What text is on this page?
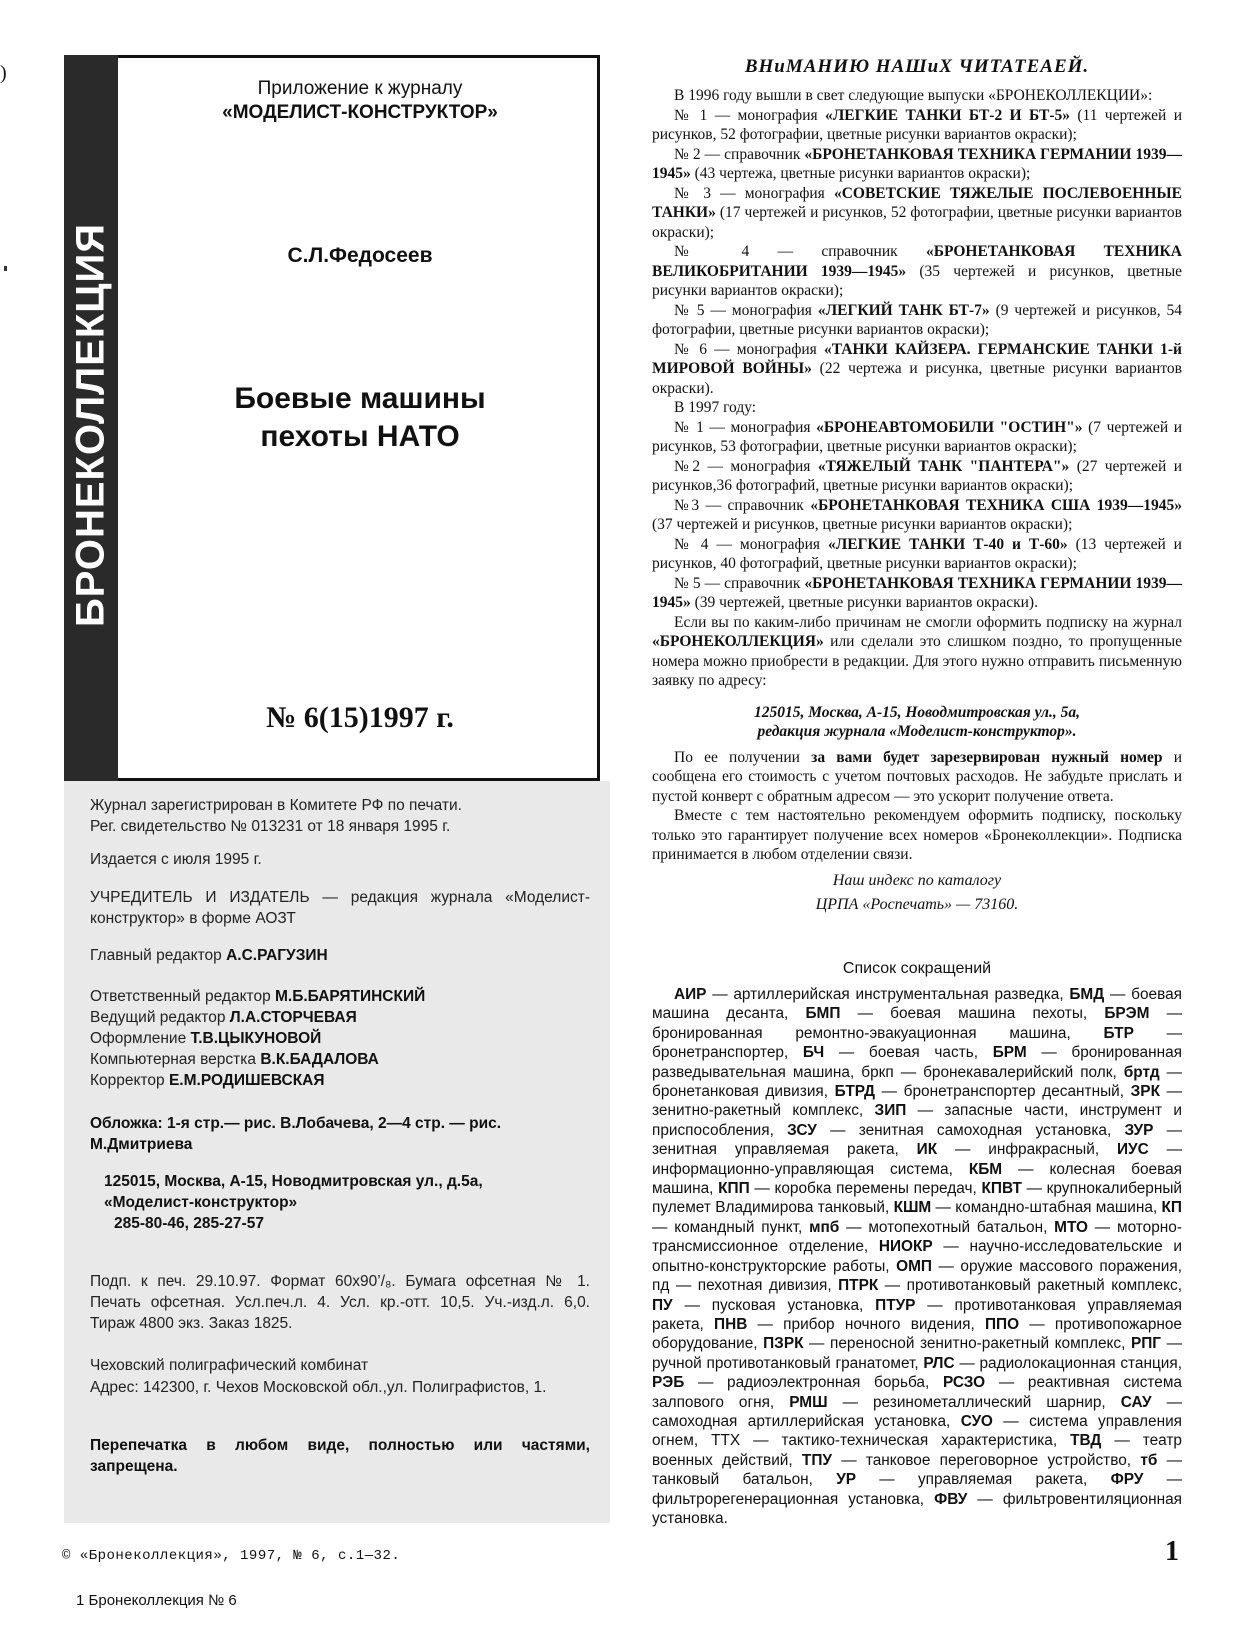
)
БРОНЕКОЛЛЕКЦИЯ
Приложение к журналу
«МОДЕЛИСТ-КОНСТРУКТОР»
С.Л.Федосеев
Боевые машины
пехоты НАТО
№ 6(15)1997 г.
Журнал зарегистрирован в Комитете РФ по печати.
Рег. свидетельство № 013231 от 18 января 1995 г.
Издается с июля 1995 г.
УЧРЕДИТЕЛЬ И ИЗДАТЕЛЬ — редакция журнала «Моделист-конструктор» в форме АОЗТ
Главный редактор А.С.РАГУЗИН
Ответственный редактор М.Б.БАРЯТИНСКИЙ
Ведущий редактор Л.А.СТОРЧЕВАЯ
Оформление Т.В.ЦЫКУНОВОЙ
Компьютерная верстка В.К.БАДАЛОВА
Корректор Е.М.РОДИШЕВСКАЯ
Обложка: 1-я стр.— рис. В.Лобачева, 2—4 стр. — рис. М.Дмитриева
125015, Москва, А-15, Новодмитровская ул., д.5а,
«Моделист-конструктор»
285-80-46, 285-27-57
Подп. к печ. 29.10.97. Формат 60x90’/₈. Бумага офсетная № 1. Печать офсетная. Усл.печ.л. 4. Усл. кр.-отт. 10,5. Уч.-изд.л. 6,0. Тираж 4800 экз. Заказ 1825.
Чеховский полиграфический комбинат
Адрес: 142300, г. Чехов Московской обл.,ул. Полиграфистов, 1.
Перепечатка в любом виде, полностью или частями, запрещена.
© «Бронеколлекция», 1997, № 6, с.1—32.
1 Бронеколлекция № 6
ВНиМАНИЮ НАШиХ ЧИТАТЕАЕЙ.

В 1996 году вышли в свет следующие выпуски «БРОНЕКОЛЛЕКЦИИ»:

№ 1 — монография «ЛЕГКИЕ ТАНКИ БТ-2 И БТ-5» (11 чертежей и рисунков, 52 фотографии, цветные рисунки вариантов окраски);

№ 2 — справочник «БРОНЕТАНКОВАЯ ТЕХНИКА ГЕРМАНИИ 1939—1945» (43 чертежа, цветные рисунки вариантов окраски);

№ 3 — монография «СОВЕТСКИЕ ТЯЖЕЛЫЕ ПОСЛЕВОЕННЫЕ ТАНКИ» (17 чертежей и рисунков, 52 фотографии, цветные рисунки вариантов окраски);

№ 4 — справочник «БРОНЕТАНКОВАЯ ТЕХНИКА ВЕЛИКОБРИТАНИИ 1939—1945» (35 чертежей и рисунков, цветные рисунки вариантов окраски);

№ 5 — монография «ЛЕГКИЙ ТАНК БТ-7» (9 чертежей и рисунков, 54 фотографии, цветные рисунки вариантов окраски);

№ 6 — монография «ТАНКИ КАЙЗЕРА. ГЕРМАНСКИЕ ТАНКИ 1-й МИРОВОЙ ВОЙНЫ» (22 чертежа и рисунка, цветные рисунки вариантов окраски).

В 1997 году:

№ 1 — монография «БРОНЕАВТОМОБИЛИ "ОСТИН"» (7 чертежей и рисунков, 53 фотографии, цветные рисунки вариантов окраски);

№2 — монография «ТЯЖЕЛЫЙ ТАНК "ПАНТЕРА"» (27 чертежей и рисунков,36 фотографий, цветные рисунки вариантов окраски);

№3 — справочник «БРОНЕТАНКОВАЯ ТЕХНИКА США 1939—1945» (37 чертежей и рисунков, цветные рисунки вариантов окраски);

№ 4 — монография «ЛЕГКИЕ ТАНКИ Т-40 и Т-60» (13 чертежей и рисунков, 40 фотографий, цветные рисунки вариантов окраски);

№ 5 — справочник «БРОНЕТАНКОВАЯ ТЕХНИКА ГЕРМАНИИ 1939—1945» (39 чертежей, цветные рисунки вариантов окраски).

Если вы по каким-либо причинам не смогли оформить подписку на журнал «БРОНЕКОЛЛЕКЦИЯ» или сделали это слишком поздно, то пропущенные номера можно приобрести в редакции. Для этого нужно отправить письменную заявку по адресу:

125015, Москва, А-15, Новодмитровская ул., 5а,

редакция журнала «Моделист-конструктор».

По ее получении за вами будет зарезервирован нужный номер и сообщена его стоимость с учетом почтовых расходов. Не забудьте прислать и пустой конверт с обратным адресом — это ускорит получение ответа.

Вместе с тем настоятельно рекомендуем оформить подписку, поскольку только это гарантирует получение всех номеров «Бронеколлекции». Подписка принимается в любом отделении связи.

Наш индекс по каталогу

ЦРПА «Роспечать» — 73160.

Список сокращений
АИР — артиллерийская инструментальная разведка, БМД — боевая машина десанта, БМП — боевая машина пехоты, БРЭМ — бронированная ремонтно-эвакуационная машина, БТР — бронетранспортер, БЧ — боевая часть, БРМ — бронированная разведывательная машина, бркп — бронекавалерийский полк, бртд — бронетанковая дивизия, БТРД — бронетранспортер десантный, ЗРК — зенитно-ракетный комплекс, ЗИП — запасные части, инструмент и приспособления, ЗСУ — зенитная самоходная установка, ЗУР — зенитная управляемая ракета, ИК — инфракрасный, ИУС — информационно-управляющая система, КБМ — колесная боевая машина, КПП — коробка перемены передач, КПВТ — крупнокалиберный пулемет Владимирова танковый, КШМ — командно-штабная машина, КП — командный пункт, мпб — мотопехотный батальон, МТО — моторно-трансмиссионное отделение, НИОКР — научно-исследовательские и опытно-конструкторские работы, ОМП — оружие массового поражения, пд — пехотная дивизия, ПТРК — противотанковый ракетный комплекс, ПУ — пусковая установка, ПТУР — противотанковая управляемая ракета, ПНВ — прибор ночного видения, ППО — противопожарное оборудование, ПЗРК — переносной зенитно-ракетный комплекс, РПГ — ручной противотанковый гранатомет, РЛС — радиолокационная станция, РЭБ — радиоэлектронная борьба, РСЗО — реактивная система залпового огня, РМШ — резинометаллический шарнир, САУ — самоходная артиллерийская установка, СУО — система управления огнем, ТТХ — тактико-техническая характеристика, ТВД — театр военных действий, ТПУ — танковое переговорное устройство, тб — танковый батальон, УР — управляемая ракета, ФРУ — фильтрорегенерационная установка, ФВУ — фильтровентиляционная установка.
1
